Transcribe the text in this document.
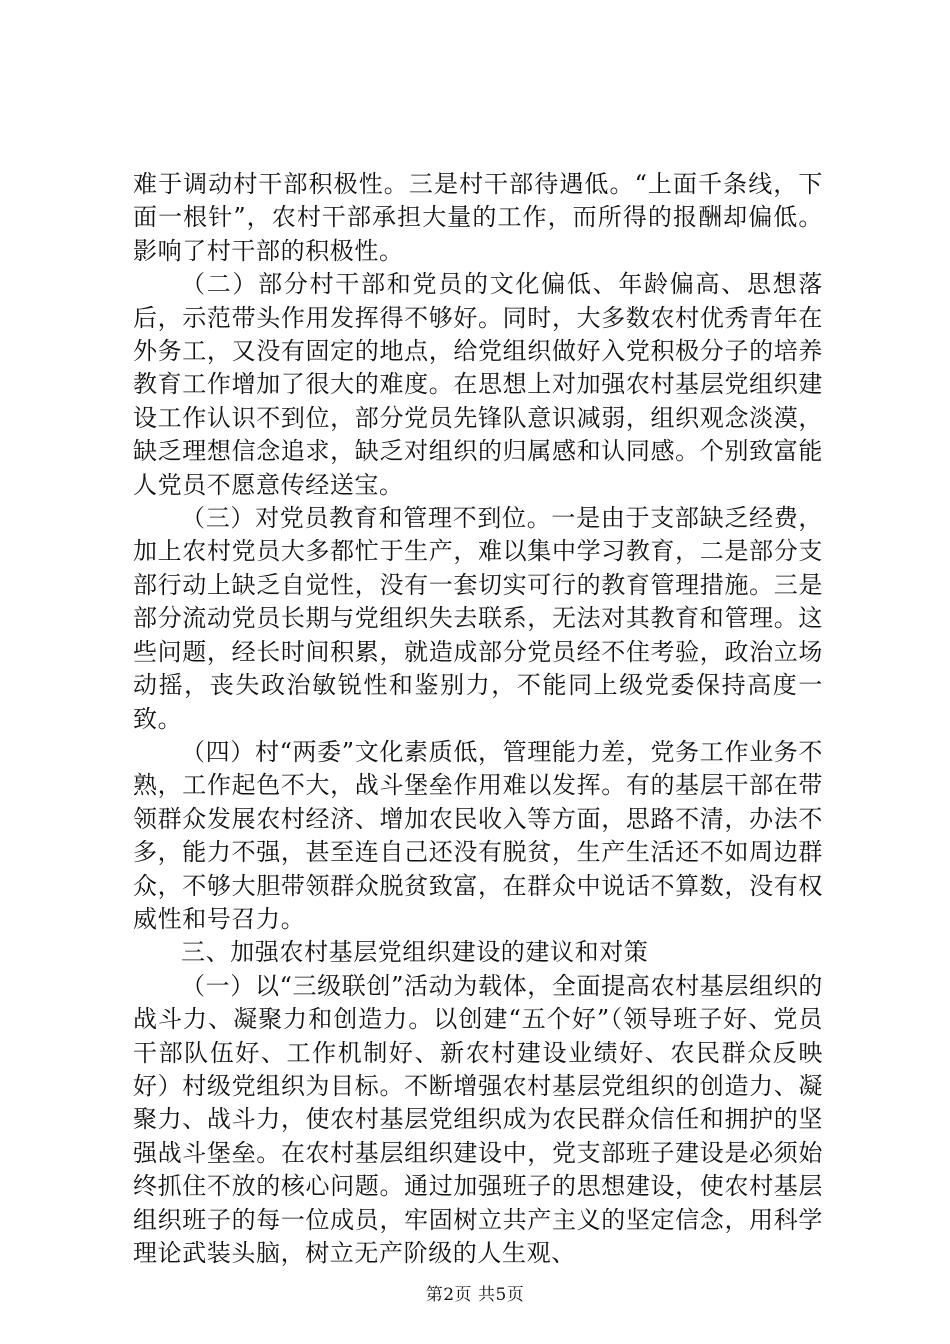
难于调动村干部积极性。三是村干部待遇低。“上面千条线，下面一根针”，农村干部承担大量的工作，而所得的报酬却偏低。影响了村干部的积极性。

（二）部分村干部和党员的文化偏低、年龄偏高、思想落后，示范带头作用发挥得不够好。同时，大多数农村优秀青年在外务工，又没有固定的地点，给党组织做好入党积极分子的培养教育工作增加了很大的难度。在思想上对加强农村基层党组织建设工作认识不到位，部分党员先锋队意识减弱，组织观念淡漠，缺乏理想信念追求，缺乏对组织的归属感和认同感。个别致富能人党员不愿意传经送宝。

（三）对党员教育和管理不到位。一是由于支部缺乏经费，加上农村党员大多都忙于生产，难以集中学习教育，二是部分支部行动上缺乏自觉性，没有一套切实可行的教育管理措施。三是部分流动党员长期与党组织失去联系，无法对其教育和管理。这些问题，经长时间积累，就造成部分党员经不住考验，政治立场动摇，丧失政治敏锐性和鉴别力，不能同上级党委保持高度一致。

（四）村“两委”文化素质低，管理能力差，党务工作业务不熟，工作起色不大，战斗堡垒作用难以发挥。有的基层干部在带领群众发展农村经济、增加农民收入等方面，思路不清，办法不多，能力不强，甚至连自己还没有脱贫，生产生活还不如周边群众，不够大胆带领群众脱贫致富，在群众中说话不算数，没有权威性和号召力。

三、加强农村基层党组织建设的建议和对策

（一）以“三级联创”活动为载体，全面提高农村基层组织的战斗力、凝聚力和创造力。以创建“五个好”（领导班子好、党员干部队伍好、工作机制好、新农村建设业绩好、农民群众反映好）村级党组织为目标。不断增强农村基层党组织的创造力、凝聚力、战斗力，使农村基层党组织成为农民群众信任和拥护的坚强战斗堡垒。在农村基层组织建设中，党支部班子建设是必须始终抓住不放的核心问题。通过加强班子的思想建设，使农村基层组织班子的每一位成员，牢固树立共产主义的坚定信念，用科学理论武装头脑，树立无产阶级的人生观、

第2页 共5页
